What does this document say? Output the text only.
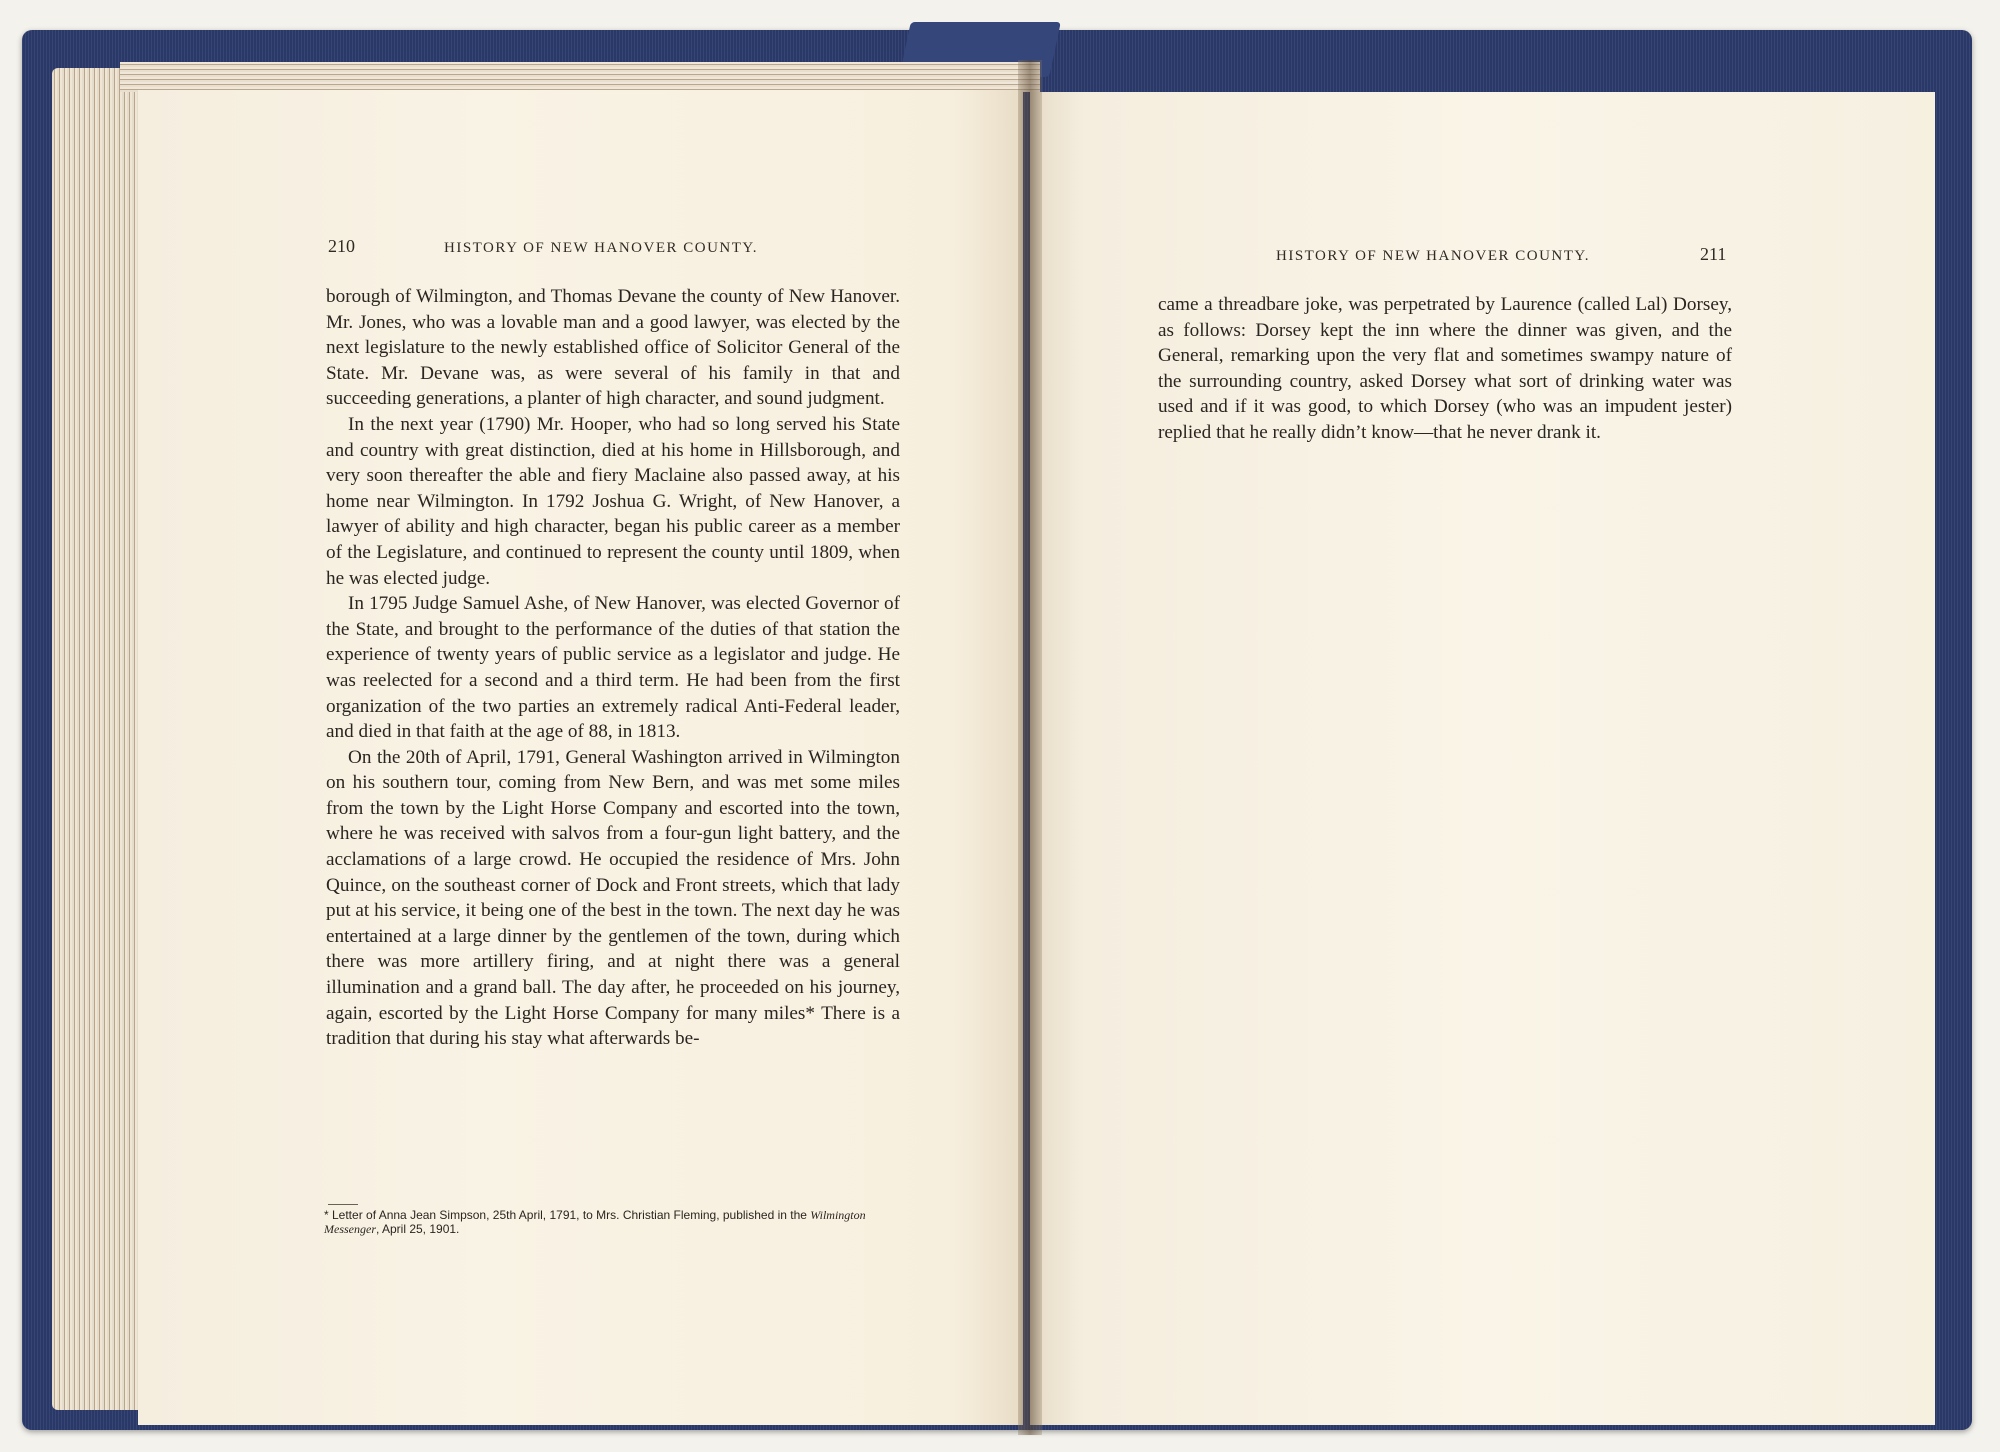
210	HISTORY OF NEW HANOVER COUNTY.

borough of Wilmington, and Thomas Devane the county of New Hanover. Mr. Jones, who was a lovable man and a good lawyer, was elected by the next legislature to the newly established office of Solicitor General of the State. Mr. Devane was, as were several of his family in that and succeeding generations, a planter of high character, and sound judgment.

In the next year (1790) Mr. Hooper, who had so long served his State and country with great distinction, died at his home in Hillsborough, and very soon thereafter the able and fiery Maclaine also passed away, at his home near Wilmington. In 1792 Joshua G. Wright, of New Hanover, a lawyer of ability and high character, began his public career as a member of the Legislature, and continued to represent the county until 1809, when he was elected judge.

In 1795 Judge Samuel Ashe, of New Hanover, was elected Governor of the State, and brought to the performance of the duties of that station the experience of twenty years of public service as a legislator and judge. He was reelected for a second and a third term. He had been from the first organization of the two parties an extremely radical Anti-Federal leader, and died in that faith at the age of 88, in 1813.

On the 20th of April, 1791, General Washington arrived in Wilmington on his southern tour, coming from New Bern, and was met some miles from the town by the Light Horse Company and escorted into the town, where he was received with salvos from a four-gun light battery, and the acclamations of a large crowd. He occupied the residence of Mrs. John Quince, on the southeast corner of Dock and Front streets, which that lady put at his service, it being one of the best in the town. The next day he was entertained at a large dinner by the gentlemen of the town, during which there was more artillery firing, and at night there was a general illumination and a grand ball. The day after, he proceeded on his journey, again, escorted by the Light Horse Company for many miles* There is a tradition that during his stay what afterwards be-

* Letter of Anna Jean Simpson, 25th April, 1791, to Mrs. Christian Fleming, published in the Wilmington Messenger, April 25, 1901.
HISTORY OF NEW HANOVER COUNTY.	211

came a threadbare joke, was perpetrated by Laurence (called Lal) Dorsey, as follows: Dorsey kept the inn where the dinner was given, and the General, remarking upon the very flat and sometimes swampy nature of the surrounding country, asked Dorsey what sort of drinking water was used and if it was good, to which Dorsey (who was an impudent jester) replied that he really didn’t know—that he never drank it.
